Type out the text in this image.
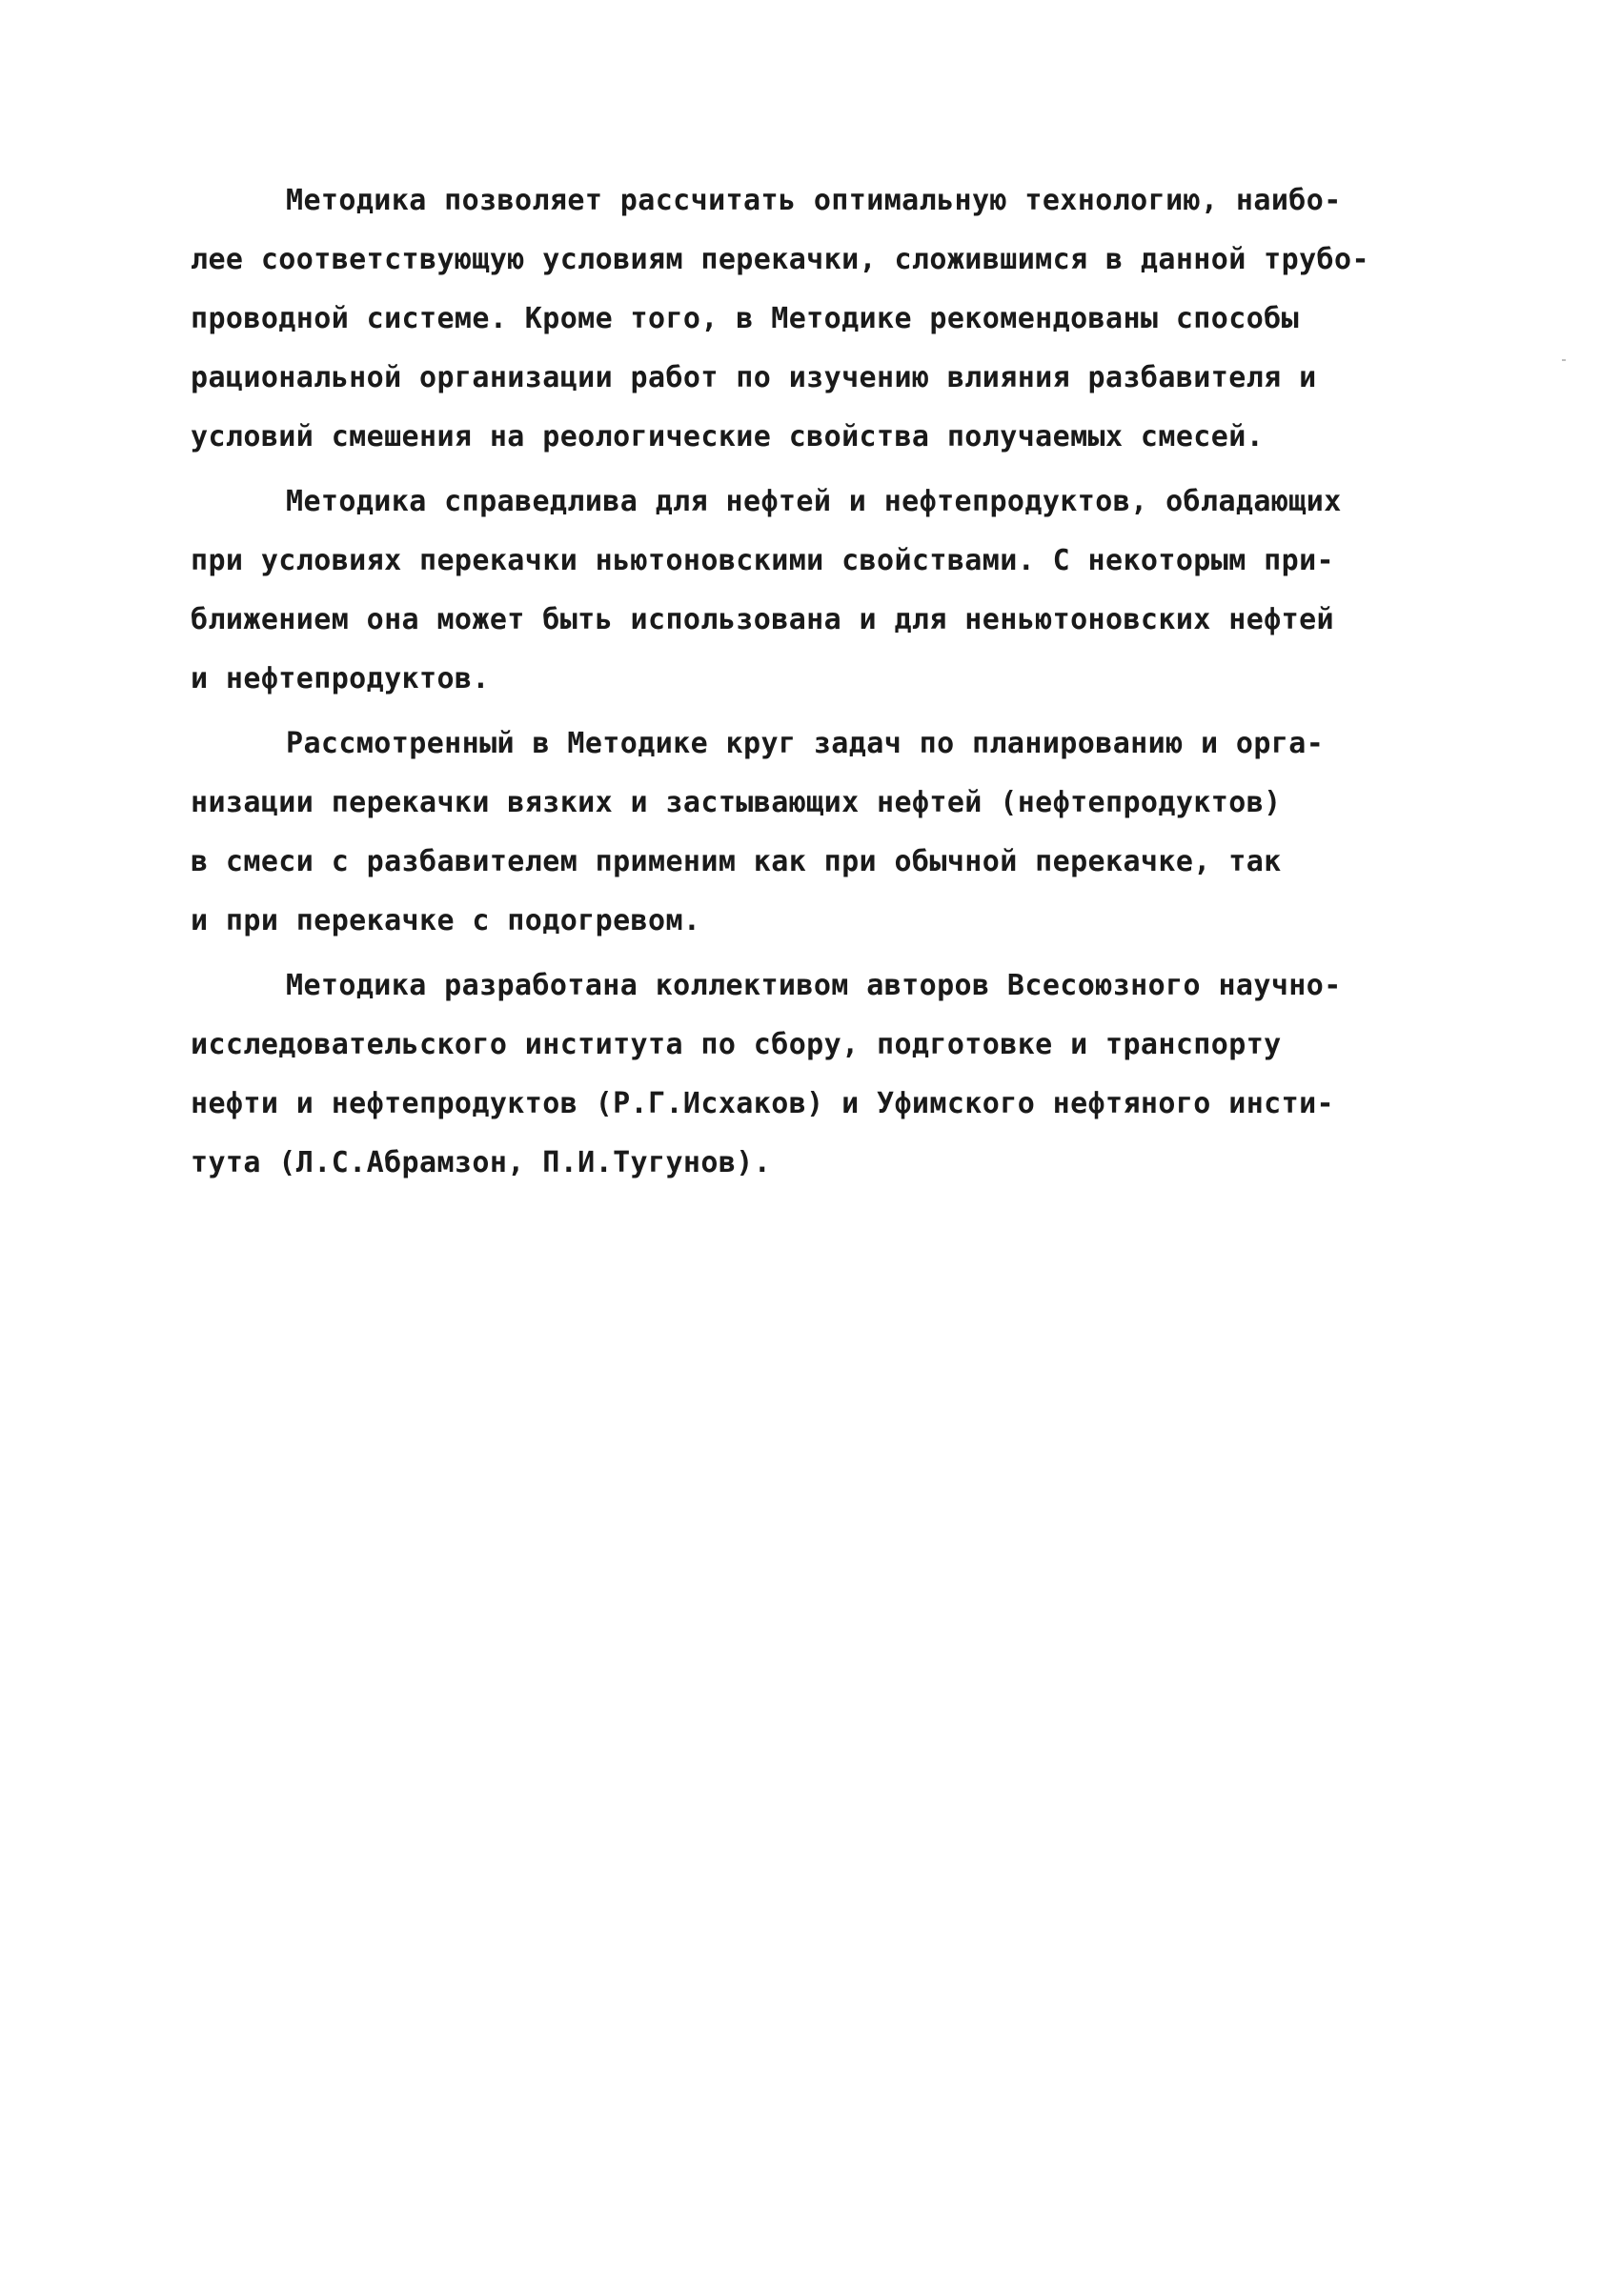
Методика позволяет рассчитать оптимальную технологию, наибо-
лее соответствующую условиям перекачки, сложившимся в данной трубо-
проводной системе. Кроме того, в Методике рекомендованы способы
рациональной организации работ по изучению влияния разбавителя и
условий смешения на реологические свойства получаемых смесей.
Методика справедлива для нефтей и нефтепродуктов, обладающих
при условиях перекачки ньютоновскими свойствами. С некоторым при-
ближением она может быть использована и для неньютоновских нефтей
и нефтепродуктов.
Рассмотренный в Методике круг задач по планированию и орга-
низации перекачки вязких и застывающих нефтей (нефтепродуктов)
в смеси с разбавителем применим как при обычной перекачке, так
и при перекачке с подогревом.
Методика разработана коллективом авторов Всесоюзного научно-
исследовательского института по сбору, подготовке и транспорту
нефти и нефтепродуктов (Р.Г.Исхаков) и Уфимского нефтяного инсти-
тута (Л.С.Абрамзон, П.И.Тугунов).
